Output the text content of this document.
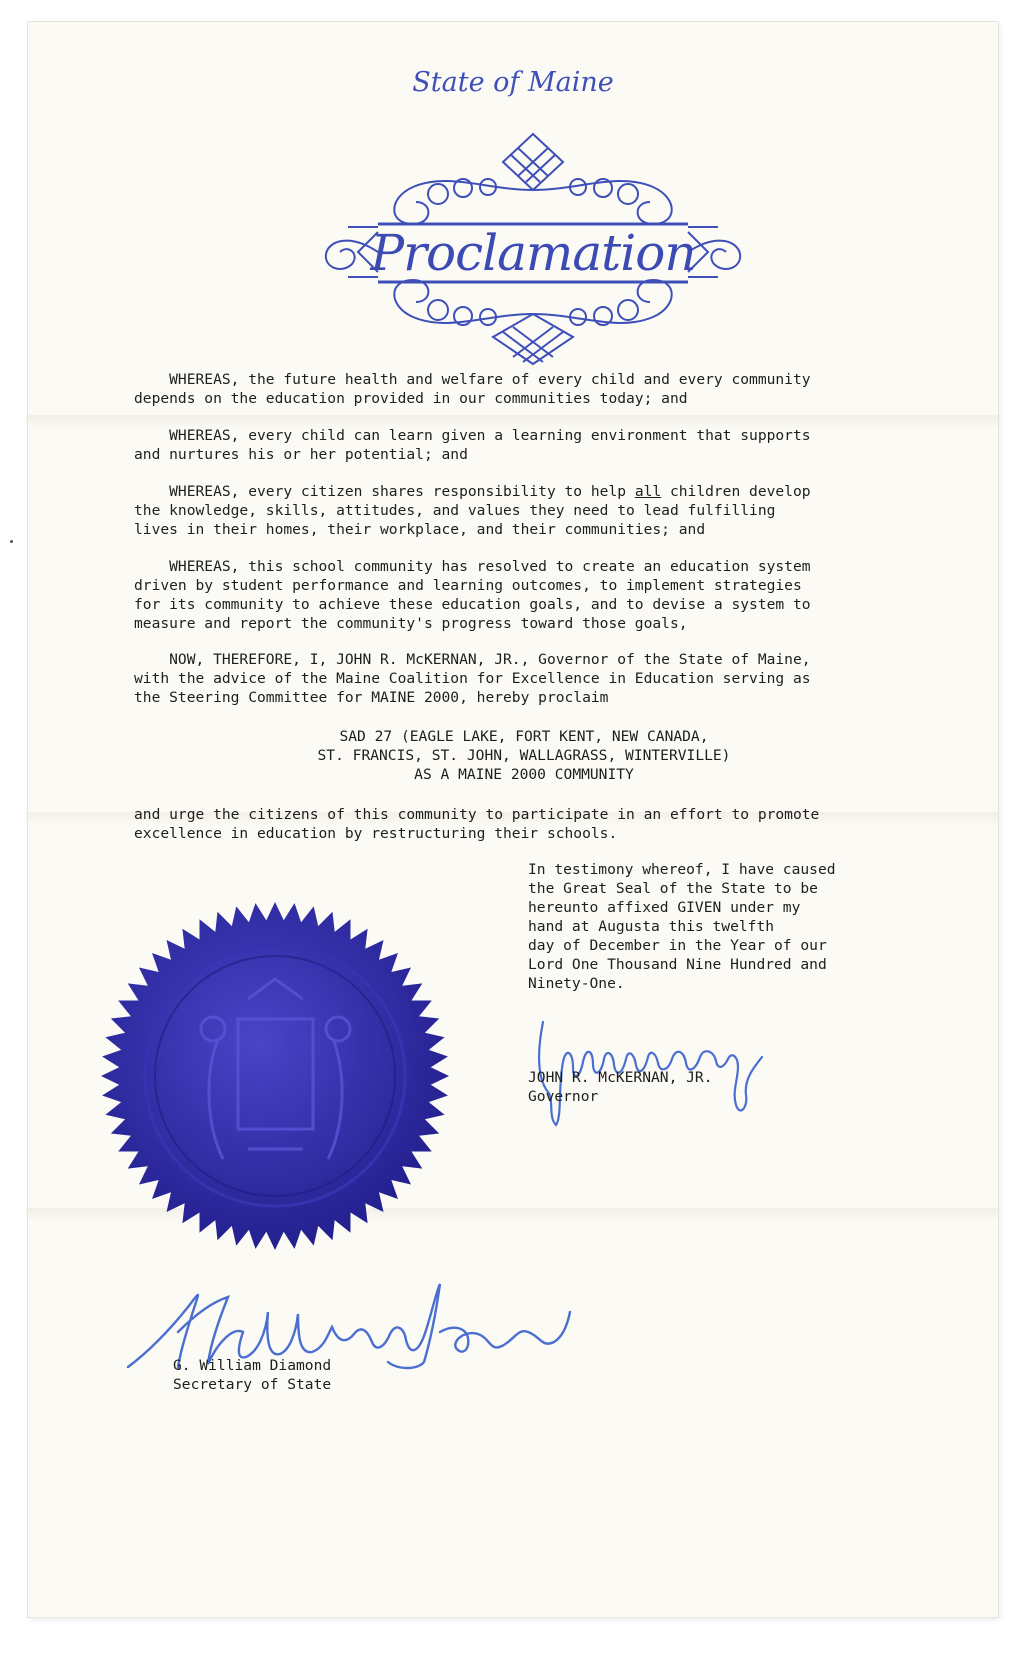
State of Maine
Proclamation
WHEREAS, the future health and welfare of every child and every community
depends on the education provided in our communities today; and
WHEREAS, every child can learn given a learning environment that supports
and nurtures his or her potential; and
WHEREAS, every citizen shares responsibility to help all children develop
the knowledge, skills, attitudes, and values they need to lead fulfilling
lives in their homes, their workplace, and their communities; and
WHEREAS, this school community has resolved to create an education system
driven by student performance and learning outcomes, to implement strategies
for its community to achieve these education goals, and to devise a system to
measure and report the community's progress toward those goals,
NOW, THEREFORE, I, JOHN R. McKERNAN, JR., Governor of the State of Maine,
with the advice of the Maine Coalition for Excellence in Education serving as
the Steering Committee for MAINE 2000, hereby proclaim
SAD 27 (EAGLE LAKE, FORT KENT, NEW CANADA,
ST. FRANCIS, ST. JOHN, WALLAGRASS, WINTERVILLE)
AS A MAINE 2000 COMMUNITY
and urge the citizens of this community to participate in an effort to promote
excellence in education by restructuring their schools.
In testimony whereof, I have caused
the Great Seal of the State to be
hereunto affixed GIVEN under my
hand at Augusta this twelfth
day of December in the Year of our
Lord One Thousand Nine Hundred and
Ninety-One.
JOHN R. McKERNAN, JR.
Governor
G. William Diamond
Secretary of State
